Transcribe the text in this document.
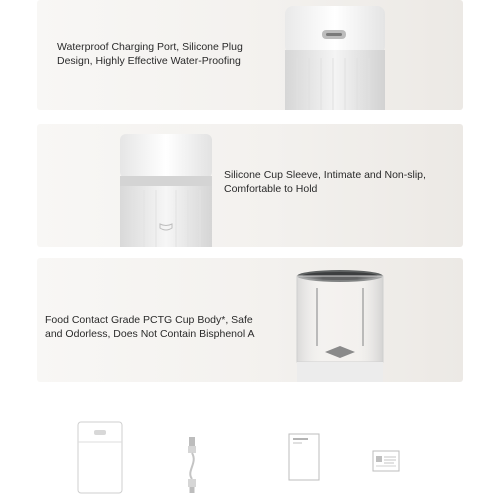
Waterproof Charging Port, Silicone Plug
Design, Highly Effective Water-Proofing

Silicone Cup Sleeve, Intimate and Non-slip,
Comfortable to Hold

Food Contact Grade PCTG Cup Body*, Safe
and Odorless, Does Not Contain Bisphenol A
